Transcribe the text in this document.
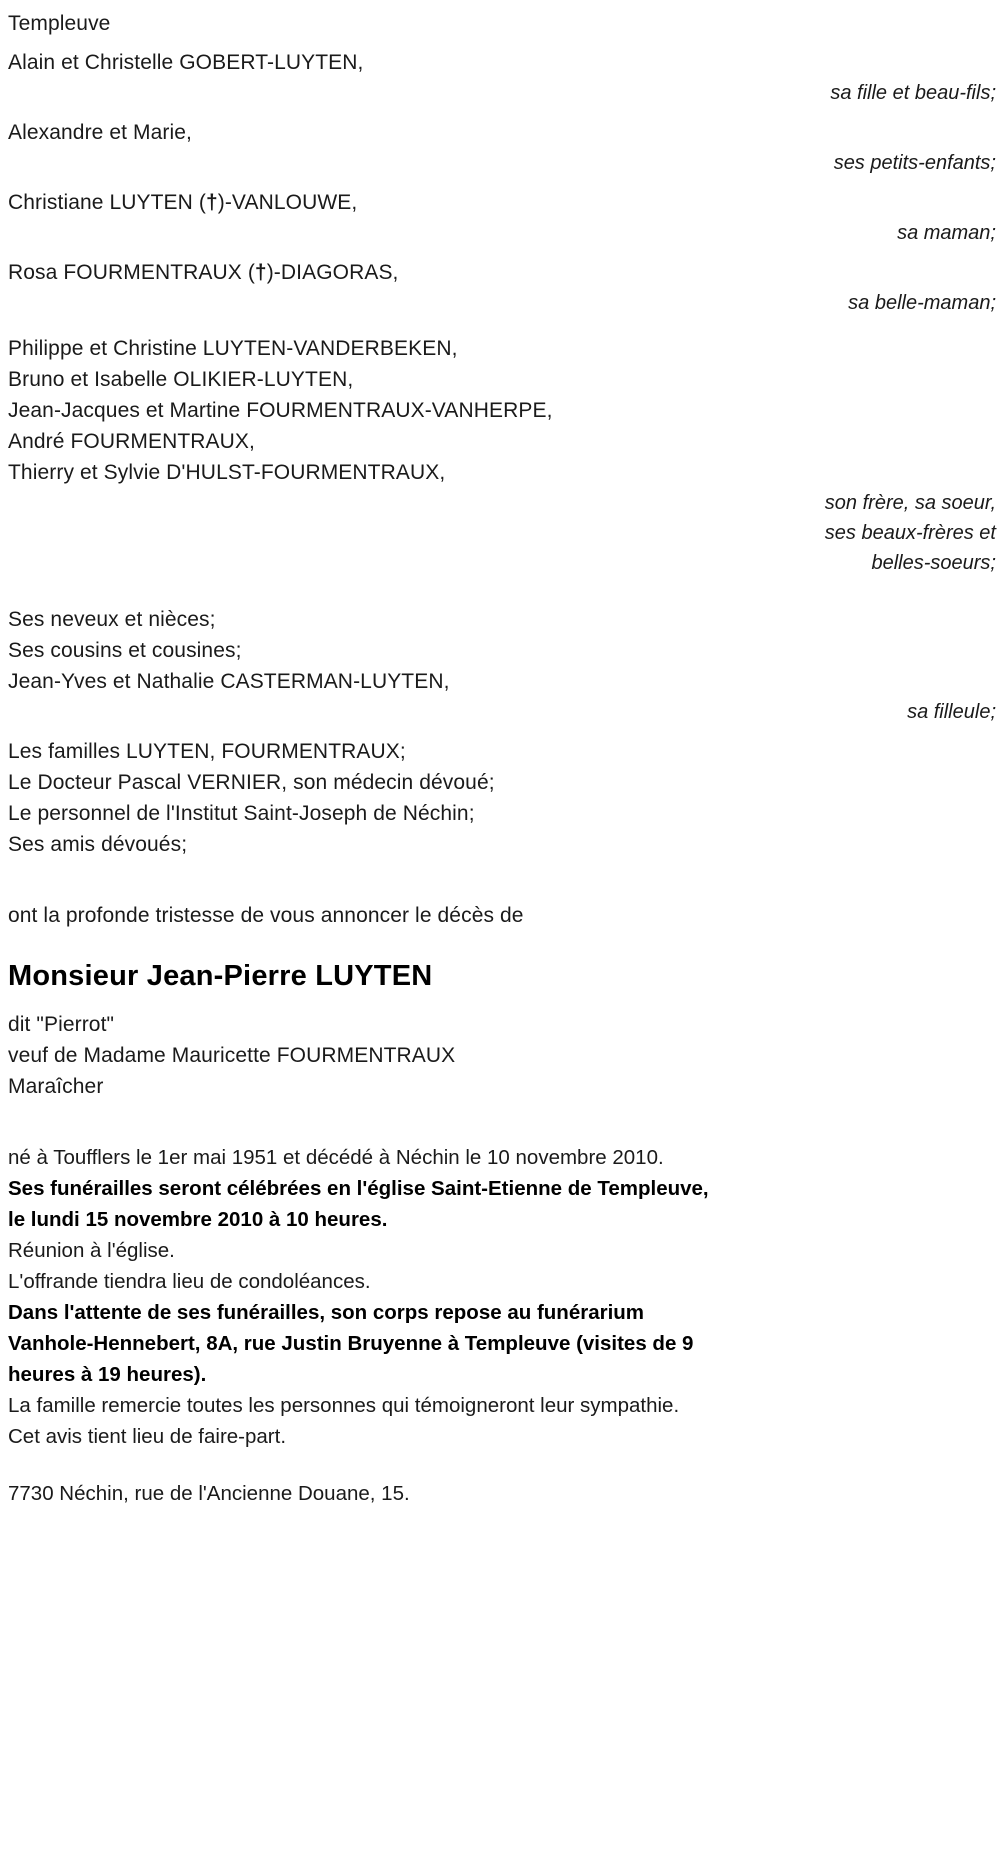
Templeuve
Alain et Christelle GOBERT-LUYTEN,
sa fille et beau-fils;
Alexandre et Marie,
ses petits-enfants;
Christiane LUYTEN (†)-VANLOUWE,
sa maman;
Rosa FOURMENTRAUX (†)-DIAGORAS,
sa belle-maman;
Philippe et Christine LUYTEN-VANDERBEKEN,
Bruno et Isabelle OLIKIER-LUYTEN,
Jean-Jacques et Martine FOURMENTRAUX-VANHERPE,
André FOURMENTRAUX,
Thierry et Sylvie D'HULST-FOURMENTRAUX,
son frère, sa soeur,
ses beaux-frères et
belles-soeurs;
Ses neveux et nièces;
Ses cousins et cousines;
Jean-Yves et Nathalie CASTERMAN-LUYTEN,
sa filleule;
Les familles LUYTEN, FOURMENTRAUX;
Le Docteur Pascal VERNIER, son médecin dévoué;
Le personnel de l'Institut Saint-Joseph de Néchin;
Ses amis dévoués;
ont la profonde tristesse de vous annoncer le décès de
Monsieur Jean-Pierre LUYTEN
dit "Pierrot"
veuf de Madame Mauricette FOURMENTRAUX
Maraîcher
né à Toufflers le 1er mai 1951 et décédé à Néchin le 10 novembre 2010.
Ses funérailles seront célébrées en l'église Saint-Etienne de Templeuve, le lundi 15 novembre 2010 à 10 heures.
Réunion à l'église.
L'offrande tiendra lieu de condoléances.
Dans l'attente de ses funérailles, son corps repose au funérarium Vanhole-Hennebert, 8A, rue Justin Bruyenne à Templeuve (visites de 9 heures à 19 heures).
La famille remercie toutes les personnes qui témoigneront leur sympathie.
Cet avis tient lieu de faire-part.
7730 Néchin, rue de l'Ancienne Douane, 15.
